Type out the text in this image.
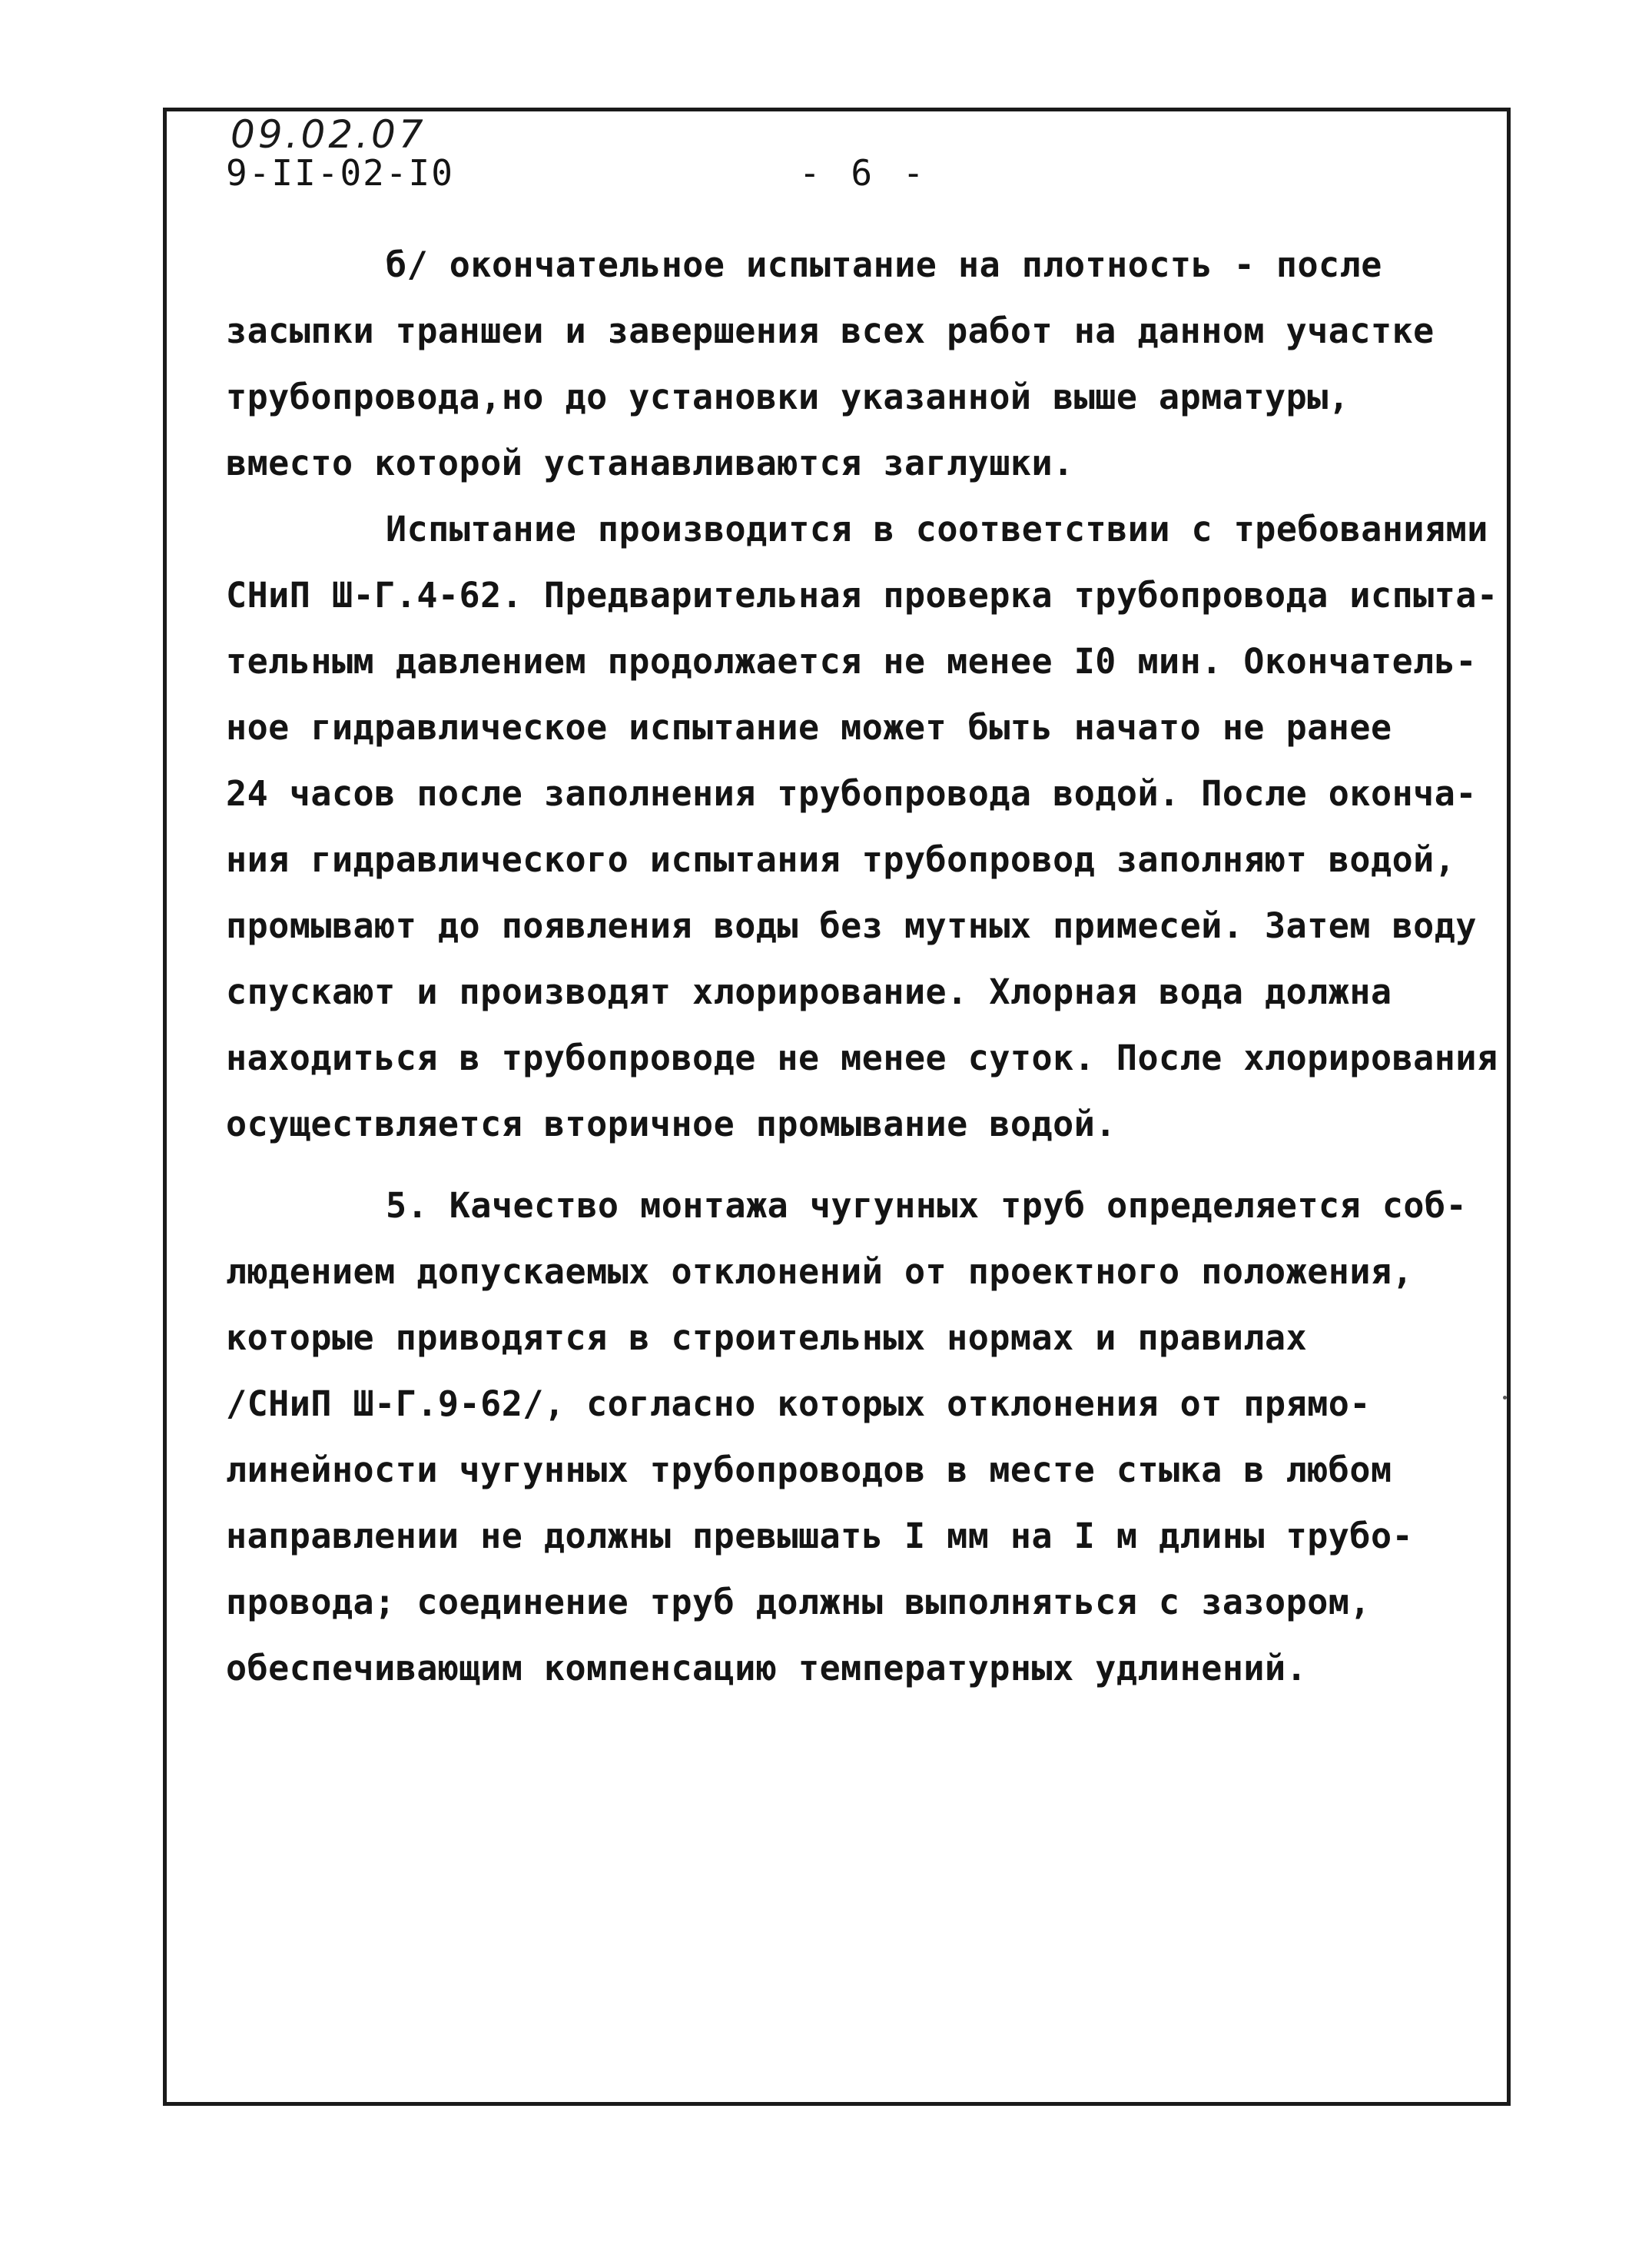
09.02.07
9-II-02-I0	- 6 -
б/ окончательное испытание на плотность - после
засыпки траншеи и завершения всех работ на данном участке
трубопровода,но до установки указанной выше арматуры,
вместо которой устанавливаются заглушки.
Испытание производится в соответствии с требованиями
СНиП Ш-Г.4-62. Предварительная проверка трубопровода испыта-
тельным давлением продолжается не менее I0 мин. Окончатель-
ное гидравлическое испытание может быть начато не ранее
24 часов после заполнения трубопровода водой. После оконча-
ния гидравлического испытания трубопровод заполняют водой,
промывают до появления воды без мутных примесей. Затем воду
спускают и производят хлорирование. Хлорная вода должна
находиться в трубопроводе не менее суток. После хлорирования
осуществляется вторичное промывание водой.
5. Качество монтажа чугунных труб определяется соб-
людением допускаемых отклонений от проектного положения,
которые приводятся в строительных нормах и правилах
/СНиП Ш-Г.9-62/, согласно которых отклонения от прямо-
линейности чугунных трубопроводов в месте стыка в любом
направлении не должны превышать I мм на I м длины трубо-
провода; соединение труб должны выполняться с зазором,
обеспечивающим компенсацию температурных удлинений.
